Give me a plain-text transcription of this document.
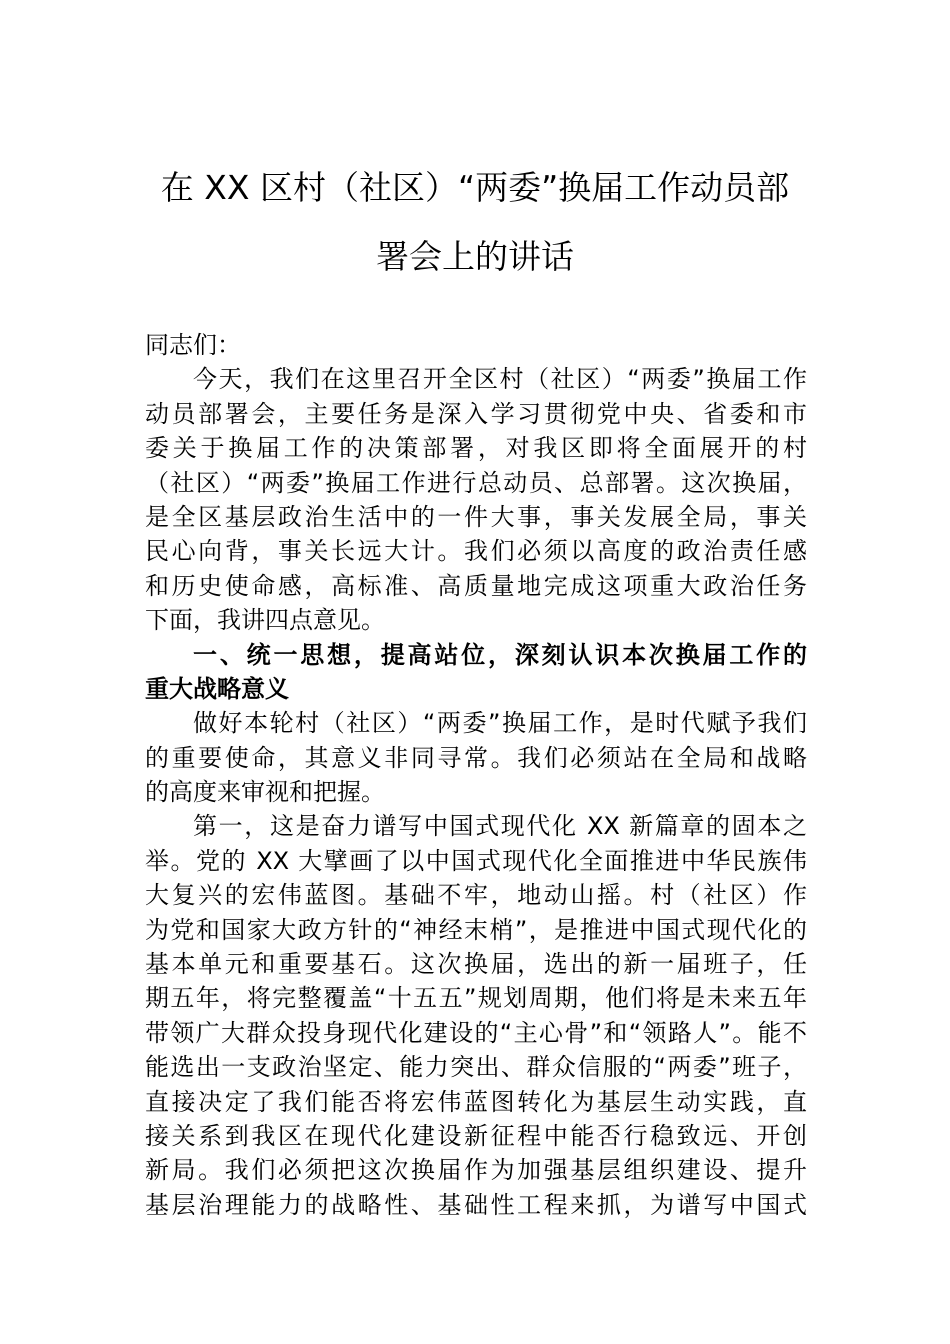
在 XX 区村（社区）“两委”换届工作动员部
署会上的讲话
同志们：
今天，我们在这里召开全区村（社区）“两委”换届工作
动员部署会，主要任务是深入学习贯彻党中央、省委和市
委关于换届工作的决策部署，对我区即将全面展开的村
（社区）“两委”换届工作进行总动员、总部署。这次换届，
是全区基层政治生活中的一件大事，事关发展全局，事关
民心向背，事关长远大计。我们必须以高度的政治责任感
和历史使命感，高标准、高质量地完成这项重大政治任务
下面，我讲四点意见。
一、统一思想，提高站位，深刻认识本次换届工作的
重大战略意义
做好本轮村（社区）“两委”换届工作，是时代赋予我们
的重要使命，其意义非同寻常。我们必须站在全局和战略
的高度来审视和把握。
第一，这是奋力谱写中国式现代化 XX 新篇章的固本之
举。党的 XX 大擘画了以中国式现代化全面推进中华民族伟
大复兴的宏伟蓝图。基础不牢，地动山摇。村（社区）作
为党和国家大政方针的“神经末梢”，是推进中国式现代化的
基本单元和重要基石。这次换届，选出的新一届班子，任
期五年，将完整覆盖“十五五”规划周期，他们将是未来五年
带领广大群众投身现代化建设的“主心骨”和“领路人”。能不
能选出一支政治坚定、能力突出、群众信服的“两委”班子，
直接决定了我们能否将宏伟蓝图转化为基层生动实践，直
接关系到我区在现代化建设新征程中能否行稳致远、开创
新局。我们必须把这次换届作为加强基层组织建设、提升
基层治理能力的战略性、基础性工程来抓，为谱写中国式
